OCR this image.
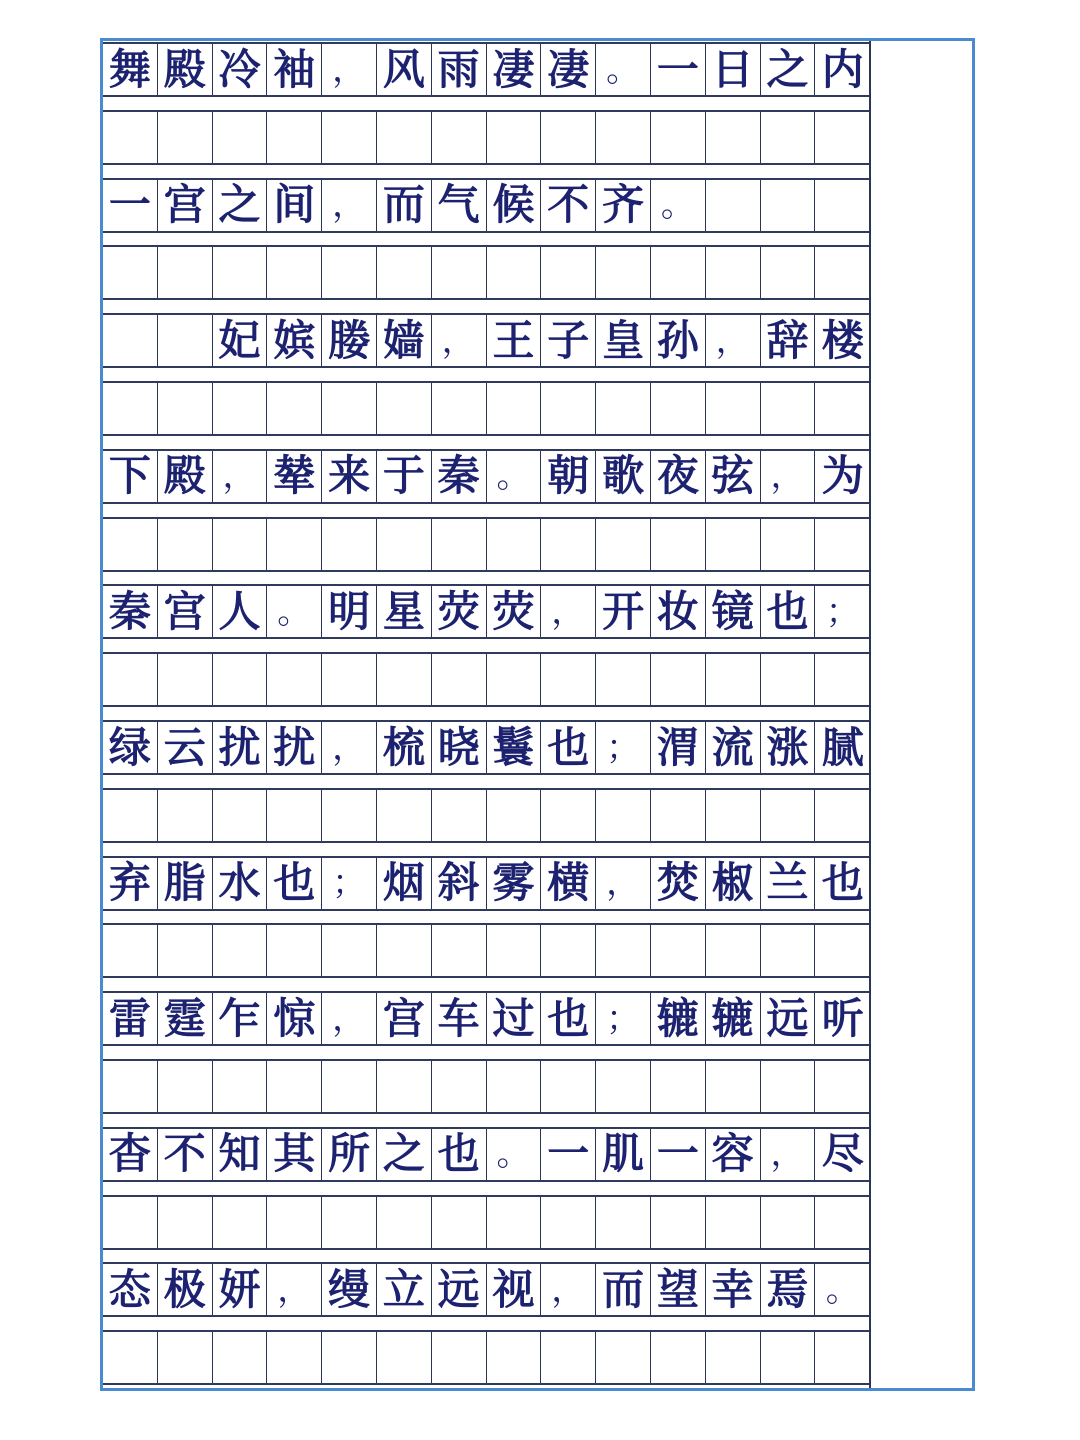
舞 殿 冷 袖 ， 风 雨 凄 凄 。 一 日 之 内
一 宫 之 间 ， 而 气 候 不 齐 。
妃 嫔 媵 嫱 ， 王 子 皇 孙 ， 辞 楼
下 殿 ， 辇 来 于 秦 。 朝 歌 夜 弦 ， 为
秦 宫 人 。 明 星 荧 荧 ， 开 妆 镜 也 ；
绿 云 扰 扰 ， 梳 晓 鬟 也 ； 渭 流 涨 腻
弃 脂 水 也 ； 烟 斜 雾 横 ， 焚 椒 兰 也
雷 霆 乍 惊 ， 宫 车 过 也 ； 辘 辘 远 听
杳 不 知 其 所 之 也 。 一 肌 一 容 ， 尽
态 极 妍 ， 缦 立 远 视 ， 而 望 幸 焉 。
